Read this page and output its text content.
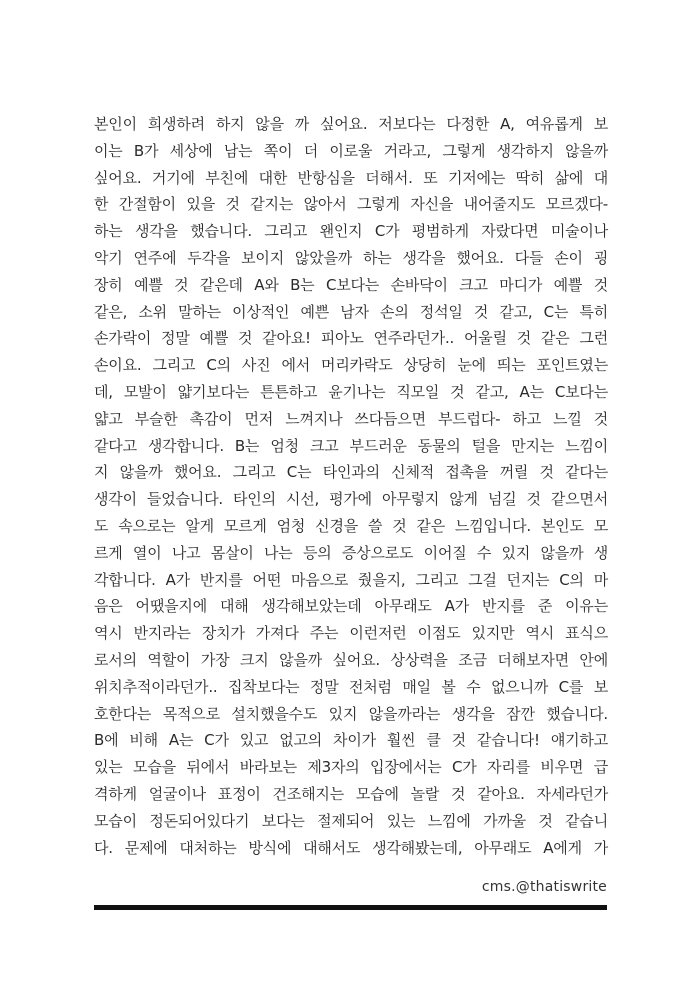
본인이 희생하려 하지 않을 까 싶어요. 저보다는 다정한 A, 여유롭게 보
이는 B가 세상에 남는 쪽이 더 이로울 거라고, 그렇게 생각하지 않을까
싶어요. 거기에 부친에 대한 반항심을 더해서. 또 기저에는 딱히 삶에 대
한 간절함이 있을 것 같지는 않아서 그렇게 자신을 내어줄지도 모르겠다-
하는 생각을 했습니다. 그리고 왠인지 C가 평범하게 자랐다면 미술이나
악기 연주에 두각을 보이지 않았을까 하는 생각을 했어요. 다들 손이 굉
장히 예쁠 것 같은데 A와 B는 C보다는 손바닥이 크고 마디가 예쁠 것
같은, 소위 말하는 이상적인 예쁜 남자 손의 정석일 것 같고, C는 특히
손가락이 정말 예쁠 것 같아요! 피아노 연주라던가.. 어울릴 것 같은 그런
손이요. 그리고 C의 사진 에서 머리카락도 상당히 눈에 띄는 포인트였는
데, 모발이 얇기보다는 튼튼하고 윤기나는 직모일 것 같고, A는 C보다는
얇고 부슬한 촉감이 먼저 느껴지나 쓰다듬으면 부드럽다- 하고 느낄 것
같다고 생각합니다. B는 엄청 크고 부드러운 동물의 털을 만지는 느낌이
지 않을까 했어요. 그리고 C는 타인과의 신체적 접촉을 꺼릴 것 같다는
생각이 들었습니다. 타인의 시선, 평가에 아무렇지 않게 넘길 것 같으면서
도 속으로는 알게 모르게 엄청 신경을 쓸 것 같은 느낌입니다. 본인도 모
르게 열이 나고 몸살이 나는 등의 증상으로도 이어질 수 있지 않을까 생
각합니다. A가 반지를 어떤 마음으로 줬을지, 그리고 그걸 던지는 C의 마
음은 어땠을지에 대해 생각해보았는데 아무래도 A가 반지를 준 이유는
역시 반지라는 장치가 가져다 주는 이런저런 이점도 있지만 역시 표식으
로서의 역할이 가장 크지 않을까 싶어요. 상상력을 조금 더해보자면 안에
위치추적이라던가.. 집착보다는 정말 전처럼 매일 볼 수 없으니까 C를 보
호한다는 목적으로 설치했을수도 있지 않을까라는 생각을 잠깐 했습니다.
B에 비해 A는 C가 있고 없고의 차이가 훨씬 클 것 같습니다! 얘기하고
있는 모습을 뒤에서 바라보는 제3자의 입장에서는 C가 자리를 비우면 급
격하게 얼굴이나 표정이 건조해지는 모습에 놀랄 것 같아요. 자세라던가
모습이 정돈되어있다기 보다는 절제되어 있는 느낌에 가까울 것 같습니
다. 문제에 대처하는 방식에 대해서도 생각해봤는데, 아무래도 A에게 가
cms.@thatiswrite
